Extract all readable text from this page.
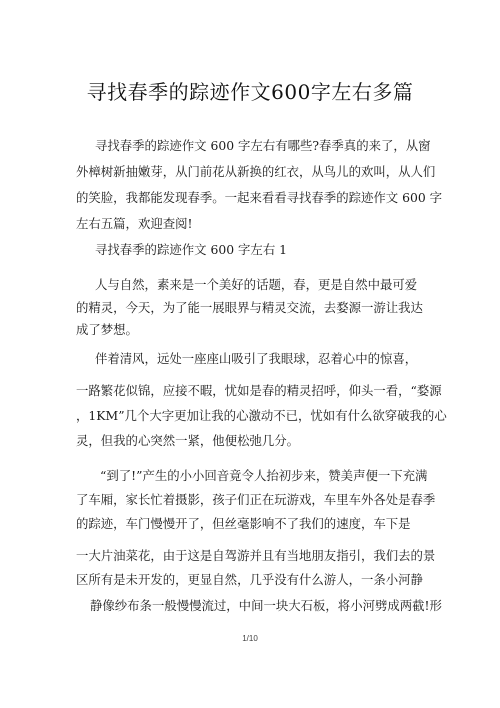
寻找春季的踪迹作文600字左右多篇
寻找春季的踪迹作文 600 字左右有哪些?春季真的来了，从窗
外樟树新抽嫩芽，从门前花从新换的红衣，从鸟儿的欢叫，从人们
的笑脸，我都能发现春季。一起来看看寻找春季的踪迹作文 600 字
左右五篇，欢迎查阅!
寻找春季的踪迹作文 600 字左右 1
人与自然，素来是一个美好的话题，春，更是自然中最可爱
的精灵，今天，为了能一展眼界与精灵交流，去婺源一游让我达
成了梦想。
伴着清风，远处一座座山吸引了我眼球，忍着心中的惊喜，
一路繁花似锦，应接不暇，忧如是春的精灵招呼，仰头一看，“婺源
，1KM”几个大字更加让我的心激动不已，忧如有什么欲穿破我的心
灵，但我的心突然一紧，他便松弛几分。
“到了!”产生的小小回音竟令人抬初步来，赞美声便一下充满
了车厢，家长忙着摄影，孩子们正在玩游戏，车里车外各处是春季
的踪迹，车门慢慢开了，但丝毫影响不了我们的速度，车下是
一大片油菜花，由于这是自驾游并且有当地朋友指引，我们去的景
区所有是未开发的，更显自然，几乎没有什么游人，一条小河静
静像纱布条一般慢慢流过，中间一块大石板，将小河劈成两截!形
1/10
